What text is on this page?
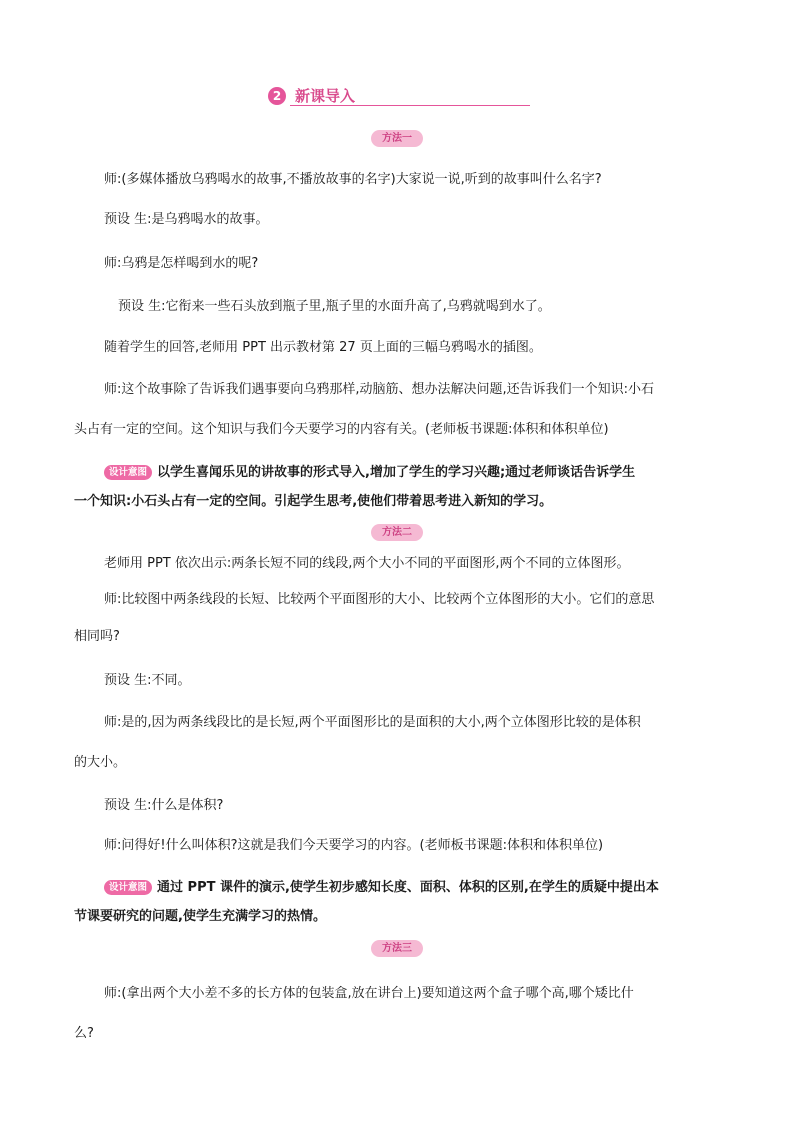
2 新课导入
方法一
方法二
方法三
师:(多媒体播放乌鸦喝水的故事,不播放故事的名字)大家说一说,听到的故事叫什么名字?
预设 生:是乌鸦喝水的故事。
师:乌鸦是怎样喝到水的呢?
预设 生:它衔来一些石头放到瓶子里,瓶子里的水面升高了,乌鸦就喝到水了。
随着学生的回答,老师用 PPT 出示教材第 27 页上面的三幅乌鸦喝水的插图。
师:这个故事除了告诉我们遇事要向乌鸦那样,动脑筋、想办法解决问题,还告诉我们一个知识:小石
头占有一定的空间。这个知识与我们今天要学习的内容有关。(老师板书课题:体积和体积单位)
设计意图 以学生喜闻乐见的讲故事的形式导入,增加了学生的学习兴趣;通过老师谈话告诉学生
一个知识:小石头占有一定的空间。引起学生思考,使他们带着思考进入新知的学习。
老师用 PPT 依次出示:两条长短不同的线段,两个大小不同的平面图形,两个不同的立体图形。
师:比较图中两条线段的长短、比较两个平面图形的大小、比较两个立体图形的大小。它们的意思
相同吗?
预设 生:不同。
师:是的,因为两条线段比的是长短,两个平面图形比的是面积的大小,两个立体图形比较的是体积
的大小。
预设 生:什么是体积?
师:问得好!什么叫体积?这就是我们今天要学习的内容。(老师板书课题:体积和体积单位)
设计意图 通过 PPT 课件的演示,使学生初步感知长度、面积、体积的区别,在学生的质疑中提出本
节课要研究的问题,使学生充满学习的热情。
师:(拿出两个大小差不多的长方体的包装盒,放在讲台上)要知道这两个盒子哪个高,哪个矮比什
么?
